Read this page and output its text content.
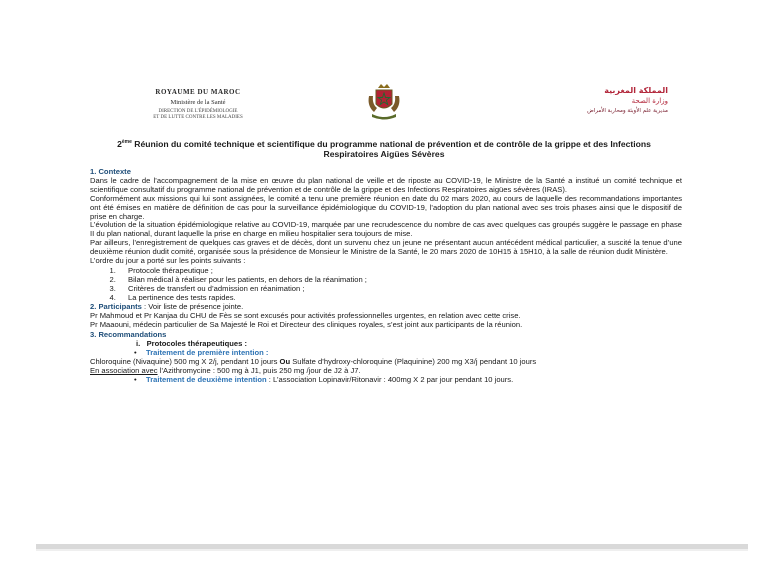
ROYAUME DU MAROC
Ministère de la Santé
DIRECTION DE L'ÉPIDÉMIOLOGIE
ET DE LUTTE CONTRE LES MALADIES
المملكة المغربية
وزارة الصحة
مديرية علم الأوبئة ومحاربة الأمراض
2ème Réunion du comité technique et scientifique du programme national de prévention et de contrôle de la grippe et des Infections Respiratoires Aigües Sévères

1. Contexte

Dans le cadre de l’accompagnement de la mise en œuvre du plan national de veille et de riposte au COVID-19, le Ministre de la Santé a institué un comité technique et scientifique consultatif du programme national de prévention et de contrôle de la grippe et des Infections Respiratoires aigües sévères (IRAS).

Conformément aux missions qui lui sont assignées, le comité a tenu une première réunion en date du 02 mars 2020, au cours de laquelle des recommandations importantes ont été émises en matière de définition de cas pour la surveillance épidémiologique du COVID-19, l’adoption du plan national avec ses trois phases ainsi que le dispositif de prise en charge.

L’évolution de la situation épidémiologique relative au COVID-19, marquée par une recrudescence du nombre de cas avec quelques cas groupés suggère le passage en phase II du plan national, durant laquelle la prise en charge en milieu hospitalier sera toujours de mise.

Par ailleurs, l’enregistrement de quelques cas graves et de décès, dont un survenu chez un jeune ne présentant aucun antécédent médical particulier, a suscité la tenue d’une deuxième réunion dudit comité, organisée sous la présidence de Monsieur le Ministre de la Santé, le 20 mars 2020 de 10H15 à 15H10, à la salle de réunion dudit Ministère.

L’ordre du jour a porté sur les points suivants :

1. Protocole thérapeutique ;
2. Bilan médical à réaliser pour les patients, en dehors de la réanimation ;
3. Critères de transfert ou d’admission en réanimation ;
4. La pertinence des tests rapides.

2. Participants : Voir liste de présence jointe.

Pr Mahmoud et Pr Kanjaa du CHU de Fès se sont excusés pour activités professionnelles urgentes, en relation avec cette crise.

Pr Maaouni, médecin particulier de Sa Majesté le Roi et Directeur des cliniques royales, s’est joint aux participants de la réunion.

3. Recommandations

i. Protocoles thérapeutiques :

• Traitement de première intention :

Chloroquine (Nivaquine) 500 mg X 2/j, pendant 10 jours Ou Sulfate d’hydroxy-chloroquine (Plaquinine) 200 mg X3/j pendant 10 jours

En association avec l’Azithromycine : 500 mg à J1, puis 250 mg /jour de J2 à J7.

• Traitement de deuxième intention : L’association Lopinavir/Ritonavir : 400mg X 2 par jour pendant 10 jours.
